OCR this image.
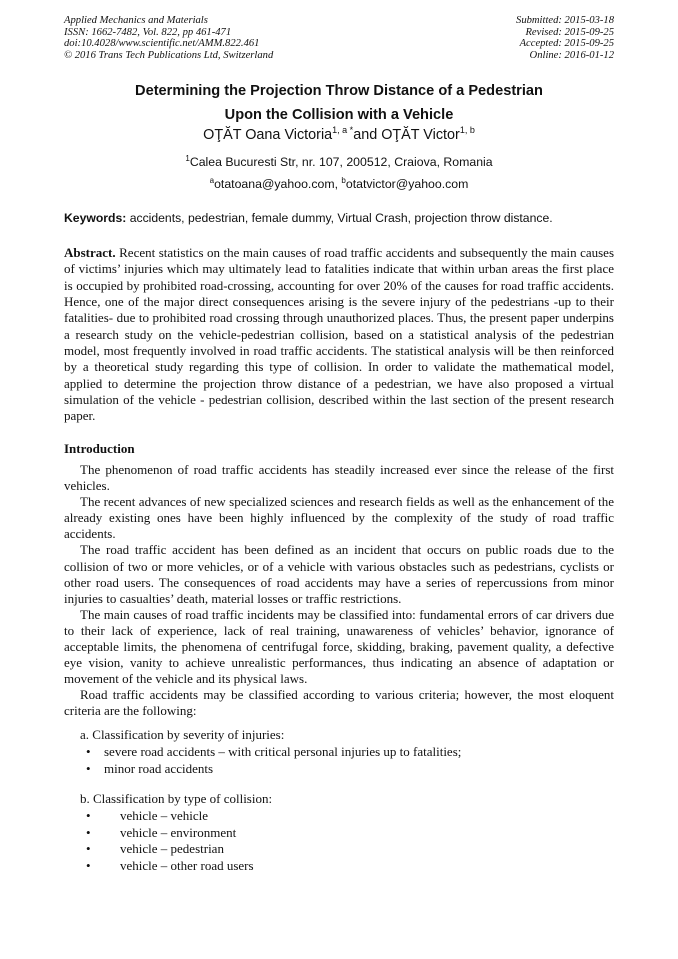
Applied Mechanics and Materials
ISSN: 1662-7482, Vol. 822, pp 461-471
doi:10.4028/www.scientific.net/AMM.822.461
© 2016 Trans Tech Publications Ltd, Switzerland
Submitted: 2015-03-18
Revised: 2015-09-25
Accepted: 2015-09-25
Online: 2016-01-12
Determining the Projection Throw Distance of a Pedestrian
Upon the Collision with a Vehicle
OŢĂT Oana Victoria$^{1, a *}$and OŢĂT Victor$^{1, b}$
$^1$Calea Bucuresti Str, nr. 107, 200512, Craiova, Romania
$^a$otatoana@yahoo.com, $^b$otatvictor@yahoo.com
Keywords: accidents, pedestrian, female dummy, Virtual Crash, projection throw distance.
Abstract. Recent statistics on the main causes of road traffic accidents and subsequently the main causes of victims’ injuries which may ultimately lead to fatalities indicate that within urban areas the first place is occupied by prohibited road-crossing, accounting for over 20% of the causes for road traffic accidents. Hence, one of the major direct consequences arising is the severe injury of the pedestrians -up to their fatalities- due to prohibited road crossing through unauthorized places. Thus, the present paper underpins a research study on the vehicle-pedestrian collision, based on a statistical analysis of the pedestrian model, most frequently involved in road traffic accidents. The statistical analysis will be then reinforced by a theoretical study regarding this type of collision. In order to validate the mathematical model, applied to determine the projection throw distance of a pedestrian, we have also proposed a virtual simulation of the vehicle - pedestrian collision, described within the last section of the present research paper.
Introduction

The phenomenon of road traffic accidents has steadily increased ever since the release of the first vehicles.

The recent advances of new specialized sciences and research fields as well as the enhancement of the already existing ones have been highly influenced by the complexity of the study of road traffic accidents.

The road traffic accident has been defined as an incident that occurs on public roads due to the collision of two or more vehicles, or of a vehicle with various obstacles such as pedestrians, cyclists or other road users. The consequences of road accidents may have a series of repercussions from minor injuries to casualties’ death, material losses or traffic restrictions.

The main causes of road traffic incidents may be classified into: fundamental errors of car drivers due to their lack of experience, lack of real training, unawareness of vehicles’ behavior, ignorance of acceptable limits, the phenomena of centrifugal force, skidding, braking, pavement quality, a defective eye vision, vanity to achieve unrealistic performances, thus indicating an absence of adaptation or movement of the vehicle and its physical laws.

Road traffic accidents may be classified according to various criteria; however, the most eloquent criteria are the following:

a. Classification by severity of injuries:
• severe road accidents – with critical personal injuries up to fatalities;
• minor road accidents
b. Classification by type of collision:
• vehicle – vehicle
• vehicle – environment
• vehicle – pedestrian
• vehicle – other road users
